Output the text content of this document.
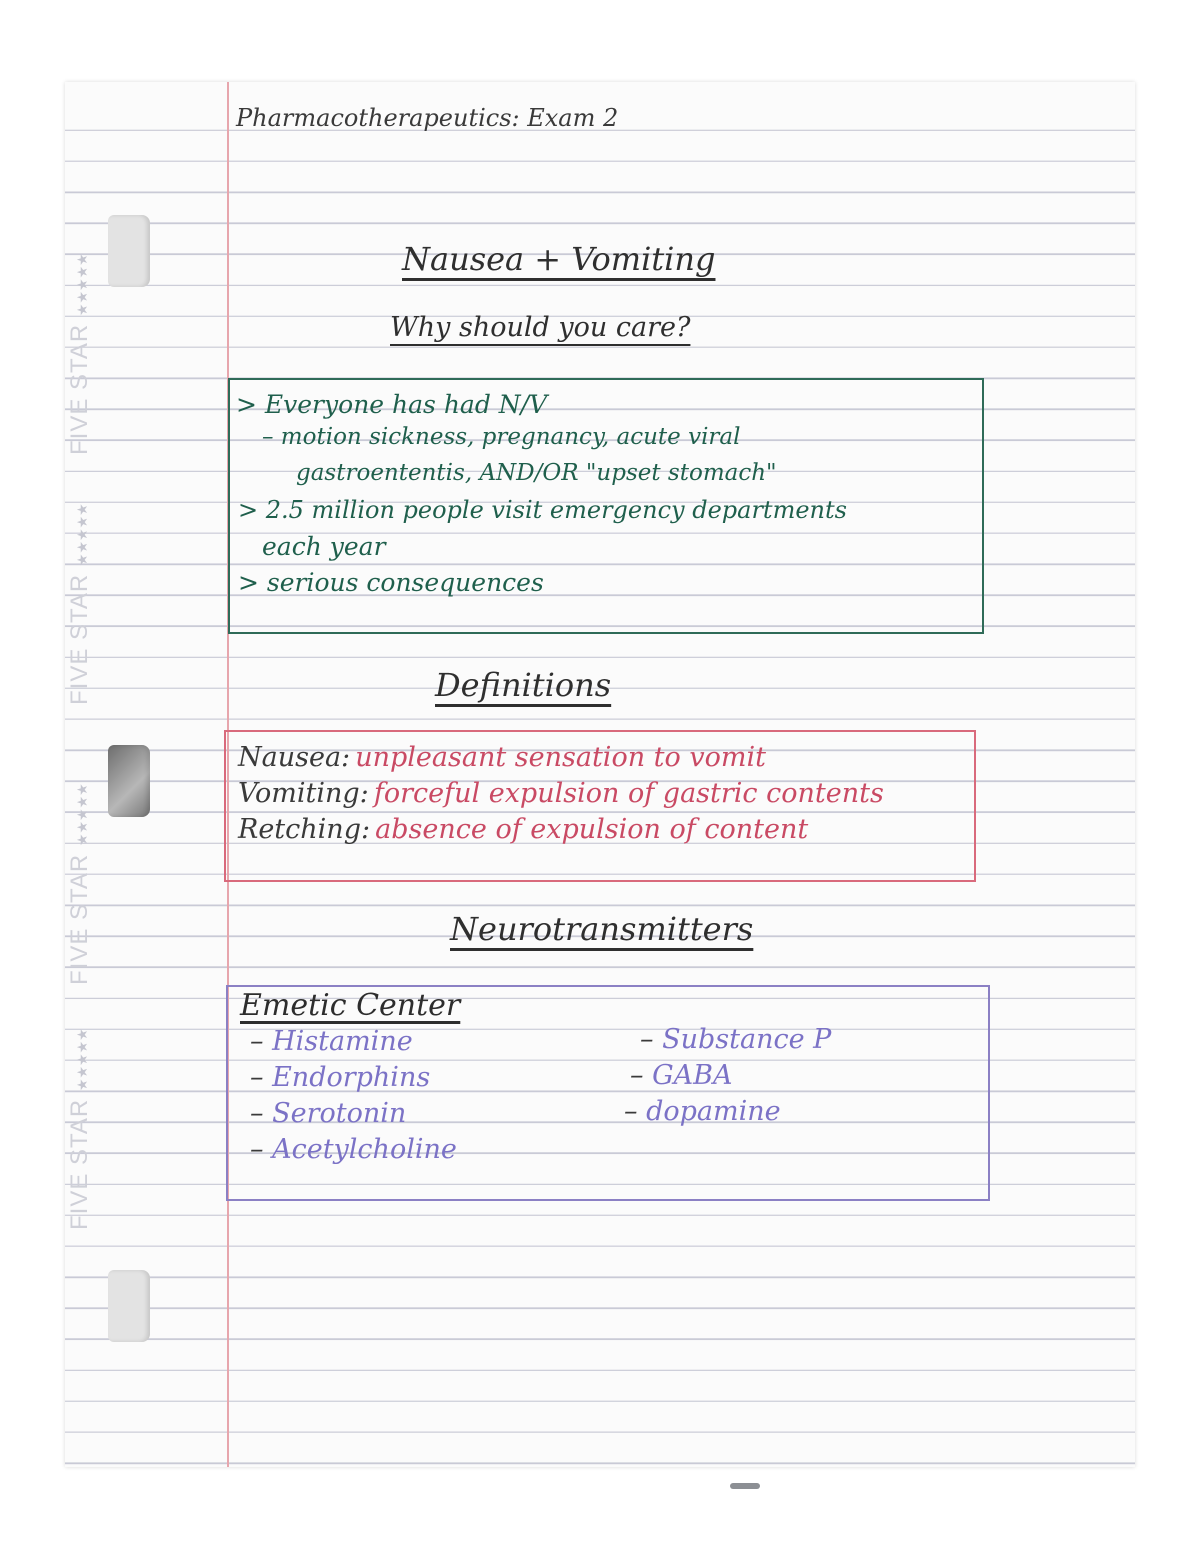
FIVE STAR ★★★★★
FIVE STAR ★★★★★
FIVE STAR ★★★★★
FIVE STAR ★★★★★
Pharmacotherapeutics: Exam 2
Nausea + Vomiting
Why should you care?
> Everyone has had N/V
– motion sickness, pregnancy, acute viral
gastroententis, AND/OR "upset stomach"
> 2.5 million people visit emergency departments
each year
> serious consequences
Definitions
Nausea: unpleasant sensation to vomit
Vomiting: forceful expulsion of gastric contents
Retching: absence of expulsion of content
Neurotransmitters
Emetic Center
– Histamine
– Endorphins
– Serotonin
– Acetylcholine
– Substance P
– GABA
– dopamine
